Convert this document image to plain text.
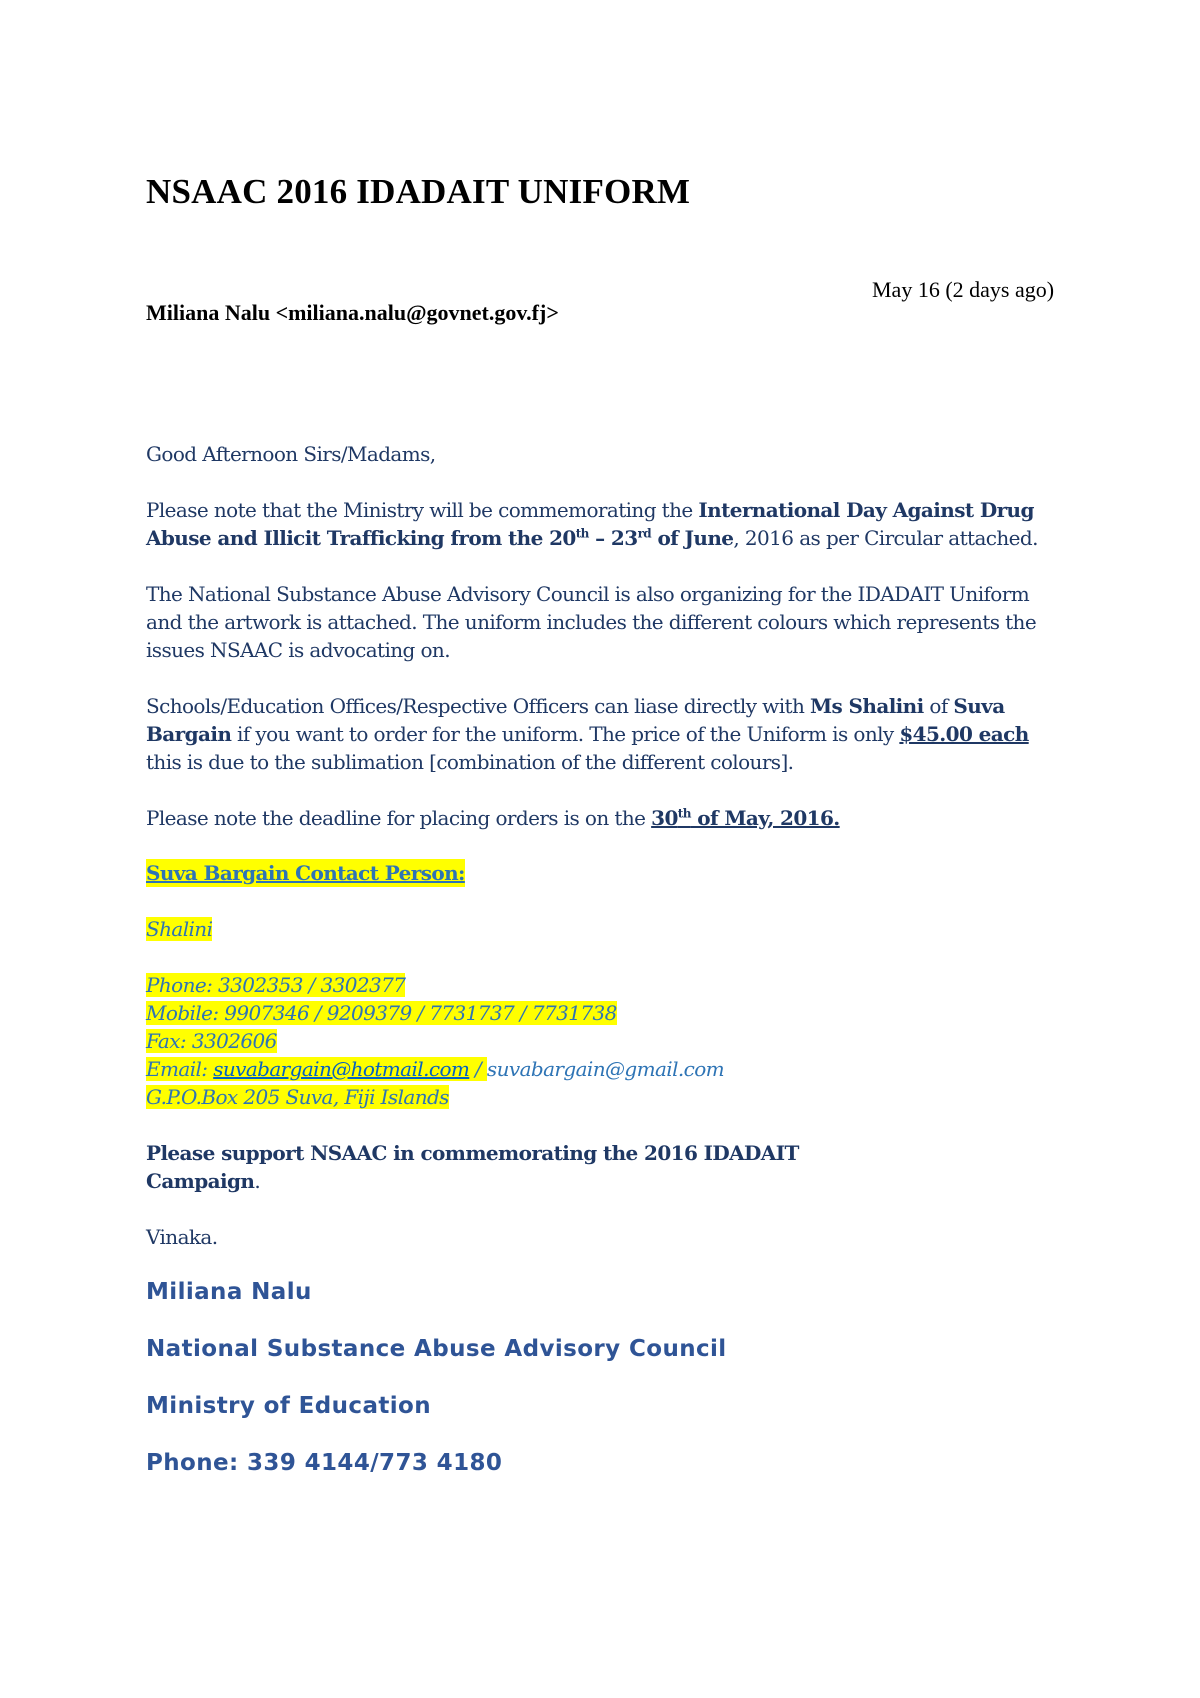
NSAAC 2016 IDADAIT UNIFORM
Miliana Nalu <miliana.nalu@govnet.gov.fj>
May 16 (2 days ago)
Good Afternoon Sirs/Madams,
Please note that the Ministry will be commemorating the International Day Against Drug Abuse and Illicit Trafficking from the 20th – 23rd of June, 2016 as per Circular attached.
The National Substance Abuse Advisory Council is also organizing for the IDADAIT Uniform and the artwork is attached. The uniform includes the different colours which represents the issues NSAAC is advocating on.
Schools/Education Offices/Respective Officers can liase directly with Ms Shalini of Suva Bargain if you want to order for the uniform. The price of the Uniform is only $45.00 each this is due to the sublimation [combination of the different colours].
Please note the deadline for placing orders is on the 30th of May, 2016.
Suva Bargain Contact Person:
Shalini
Phone: 3302353 / 3302377
Mobile: 9907346 / 9209379 / 7731737 / 7731738
Fax: 3302606
Email: suvabargain@hotmail.com / suvabargain@gmail.com
G.P.O.Box 205 Suva, Fiji Islands
Please support NSAAC in commemorating the 2016 IDADAIT Campaign.
Vinaka.
Miliana Nalu
National Substance Abuse Advisory Council
Ministry of Education
Phone: 339 4144/773 4180
